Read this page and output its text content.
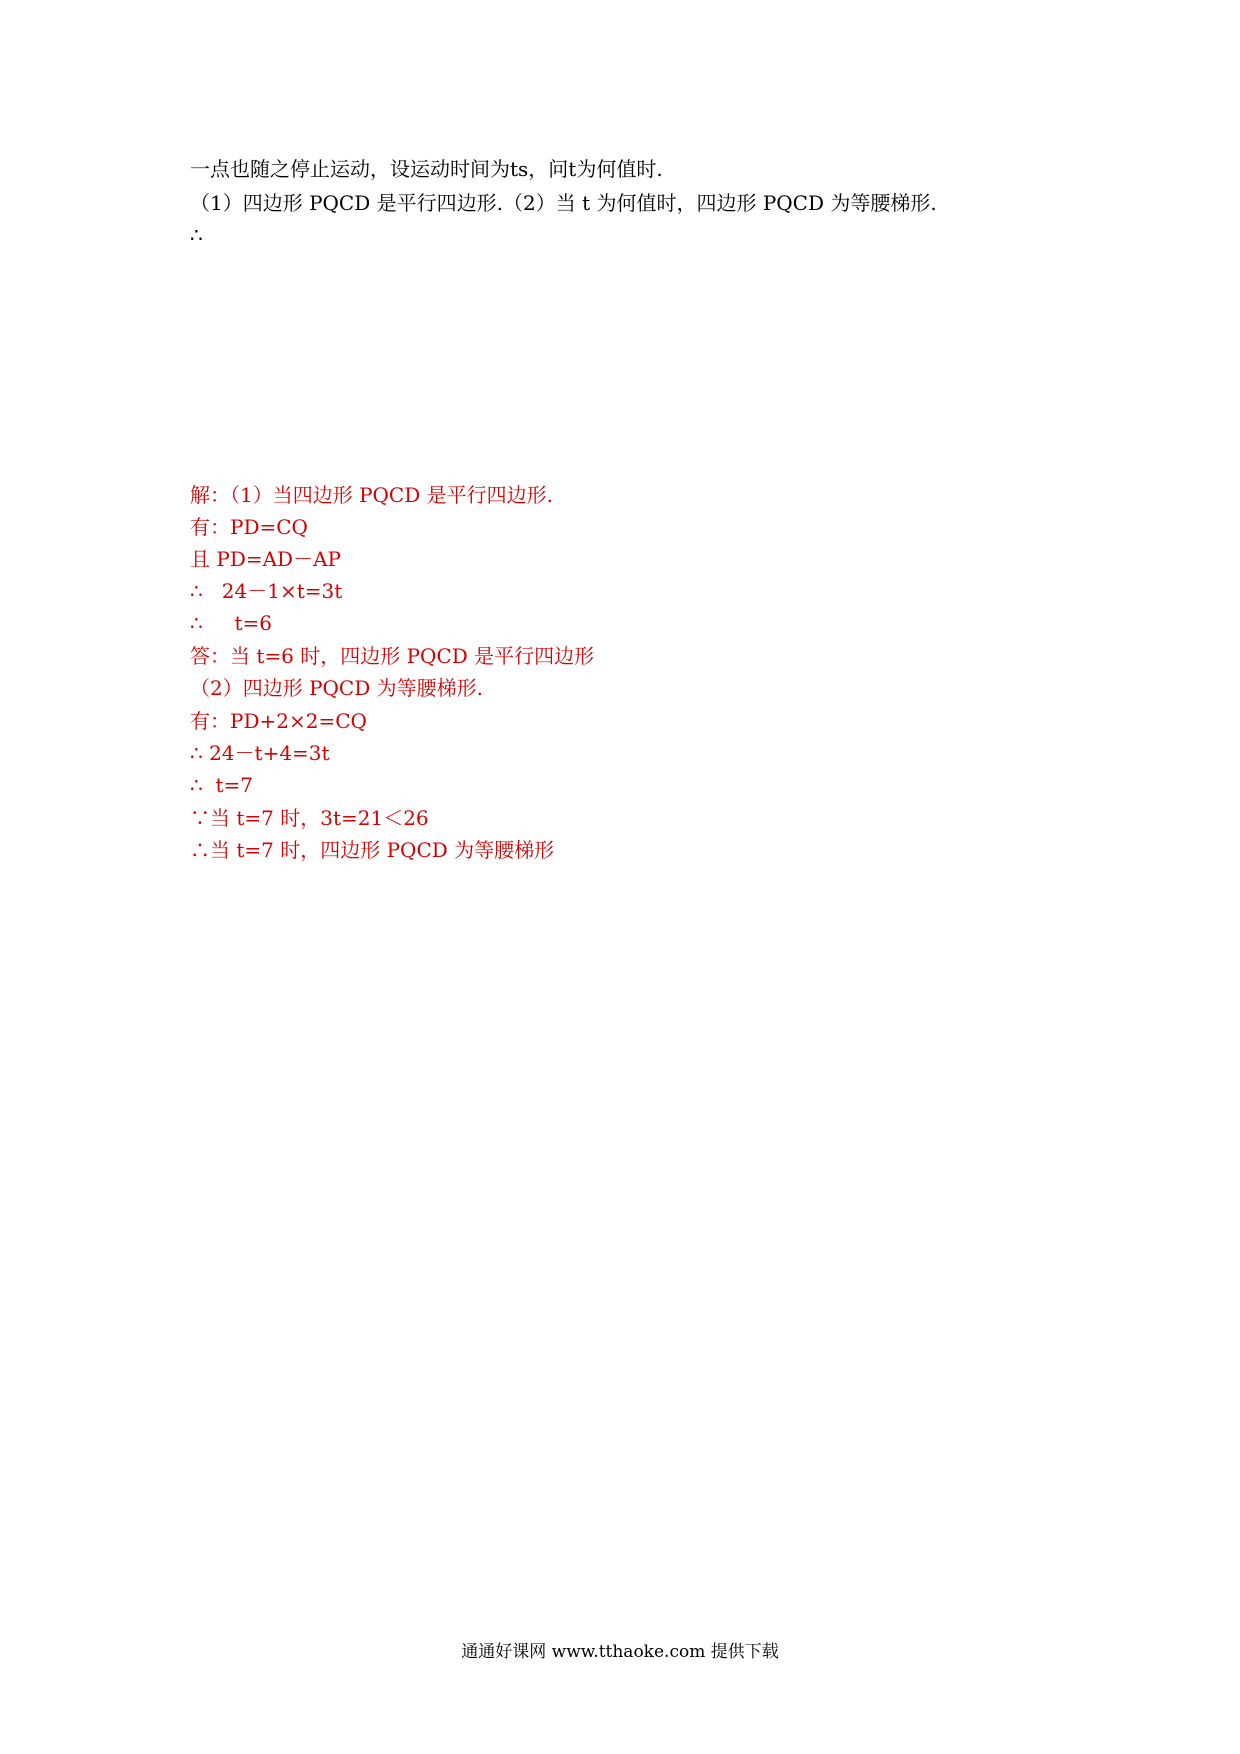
一点也随之停止运动，设运动时间为ts，问t为何值时.
（1）四边形 PQCD 是平行四边形.（2）当 t 为何值时，四边形 PQCD 为等腰梯形.
∴
解：（1）当四边形 PQCD 是平行四边形.
有：PD=CQ
且 PD=AD－AP
∴   24－1×t=3t
∴     t=6
答：当 t=6 时，四边形 PQCD 是平行四边形
（2）四边形 PQCD 为等腰梯形.
有：PD+2×2=CQ
∴ 24－t+4=3t
∴  t=7
∵当 t=7 时，3t=21＜26
∴当 t=7 时，四边形 PQCD 为等腰梯形
通通好课网 www.tthaoke.com 提供下载
